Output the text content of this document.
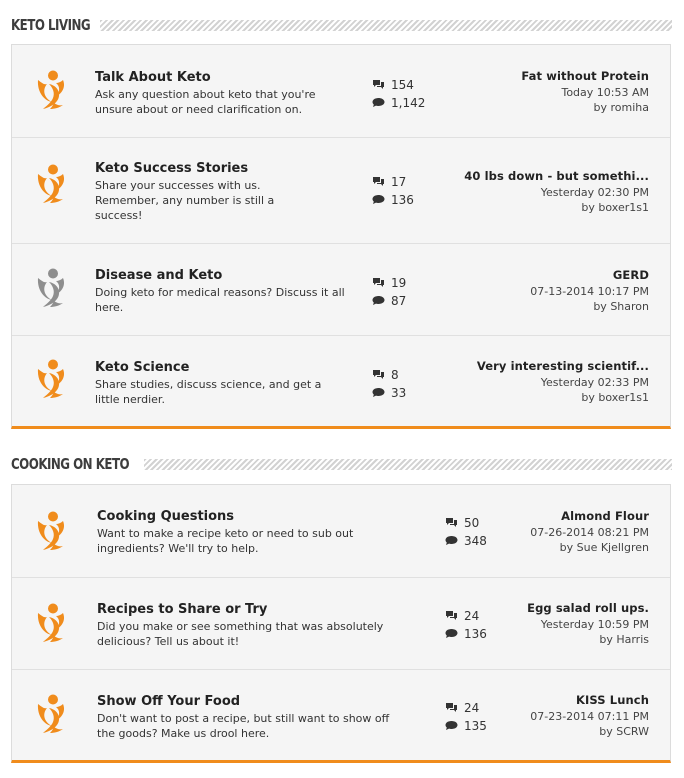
KETO LIVING
Talk About Keto
Ask any question about keto that you're unsure about or need clarification on.
154
1,142
Fat without Protein
Today 10:53 AM
by romiha
Keto Success Stories
Share your successes with us. Remember, any number is still a success!
17
136
40 lbs down - but somethi...
Yesterday 02:30 PM
by boxer1s1
Disease and Keto
Doing keto for medical reasons? Discuss it all here.
19
87
GERD
07-13-2014 10:17 PM
by Sharon
Keto Science
Share studies, discuss science, and get a little nerdier.
8
33
Very interesting scientif...
Yesterday 02:33 PM
by boxer1s1
COOKING ON KETO
Cooking Questions
Want to make a recipe keto or need to sub out ingredients? We'll try to help.
50
348
Almond Flour
07-26-2014 08:21 PM
by Sue Kjellgren
Recipes to Share or Try
Did you make or see something that was absolutely delicious? Tell us about it!
24
136
Egg salad roll ups.
Yesterday 10:59 PM
by Harris
Show Off Your Food
Don't want to post a recipe, but still want to show off the goods? Make us drool here.
24
135
KISS Lunch
07-23-2014 07:11 PM
by SCRW
